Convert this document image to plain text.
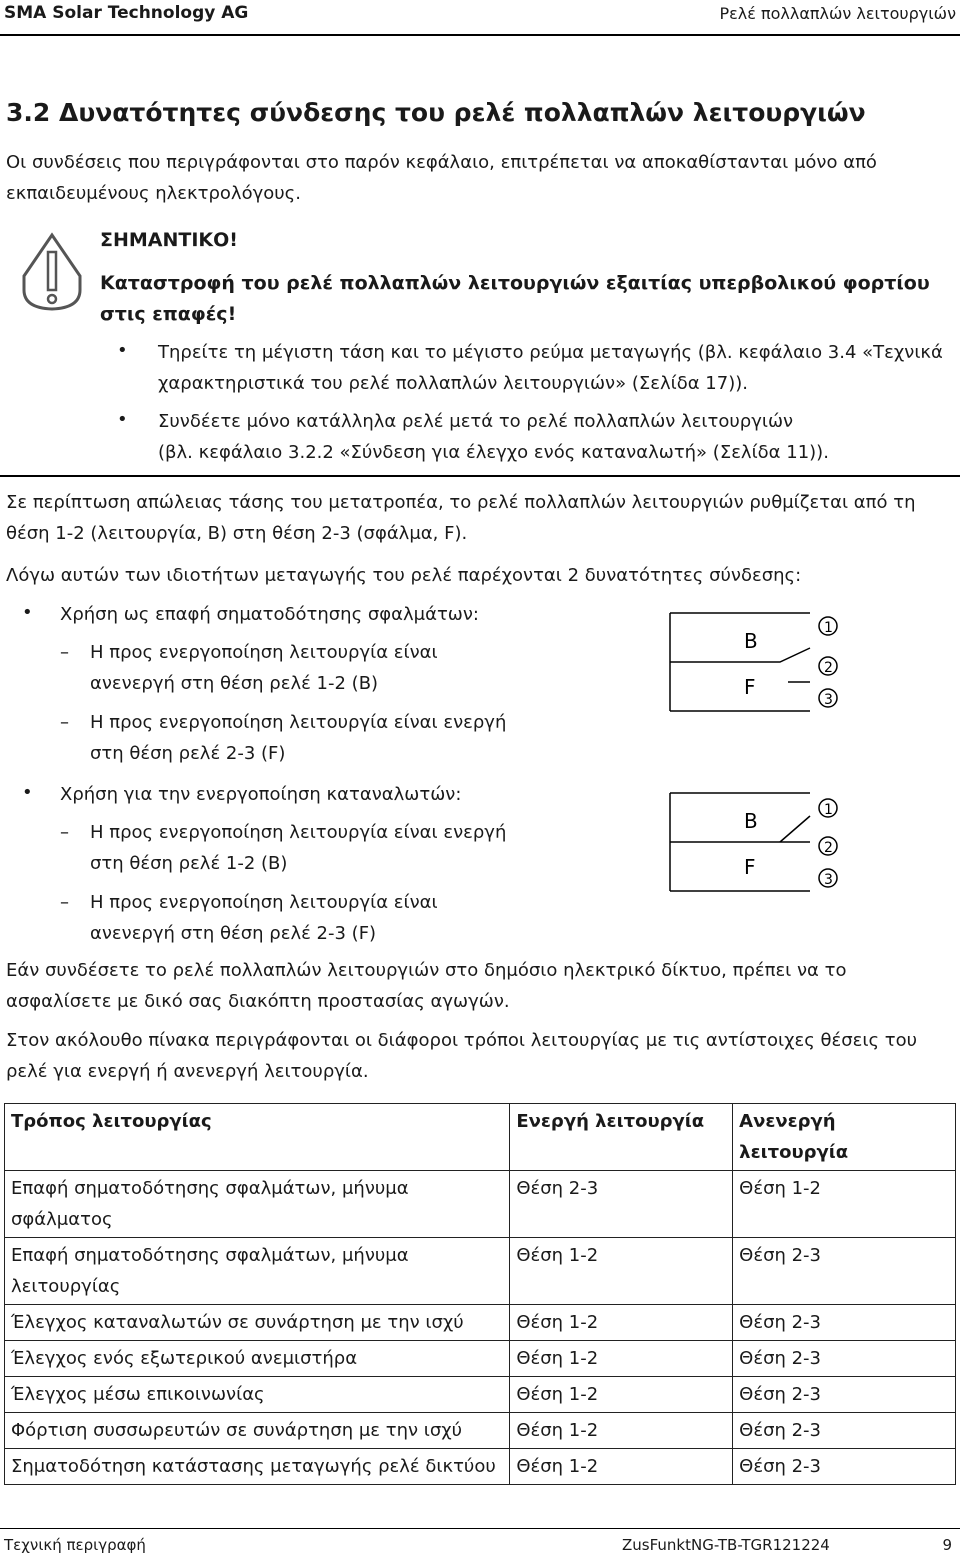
SMA Solar Technology AG	Ρελέ πολλαπλών λειτουργιών
3.2 Δυνατότητες σύνδεσης του ρελέ πολλαπλών λειτουργιών
Οι συνδέσεις που περιγράφονται στο παρόν κεφάλαιο, επιτρέπεται να αποκαθίστανται μόνο από
εκπαιδευμένους ηλεκτρολόγους.
ΣΗΜΑΝΤΙΚΟ!
Καταστροφή του ρελέ πολλαπλών λειτουργιών εξαιτίας υπερβολικού φορτίου
στις επαφές!
• Τηρείτε τη μέγιστη τάση και το μέγιστο ρεύμα μεταγωγής (βλ. κεφάλαιο 3.4 «Τεχνικά
χαρακτηριστικά του ρελέ πολλαπλών λειτουργιών» (Σελίδα 17)).
• Συνδέετε μόνο κατάλληλα ρελέ μετά το ρελέ πολλαπλών λειτουργιών
(βλ. κεφάλαιο 3.2.2 «Σύνδεση για έλεγχο ενός καταναλωτή» (Σελίδα 11)).
Σε περίπτωση απώλειας τάσης του μετατροπέα, το ρελέ πολλαπλών λειτουργιών ρυθμίζεται από τη
θέση 1-2 (λειτουργία, B) στη θέση 2-3 (σφάλμα, F).
Λόγω αυτών των ιδιοτήτων μεταγωγής του ρελέ παρέχονται 2 δυνατότητες σύνδεσης:
• Χρήση ως επαφή σηματοδότησης σφαλμάτων:
– Η προς ενεργοποίηση λειτουργία είναι
ανενεργή στη θέση ρελέ 1-2 (B)
– Η προς ενεργοποίηση λειτουργία είναι ενεργή
στη θέση ρελέ 2-3 (F)
B
F
1
2
3
• Χρήση για την ενεργοποίηση καταναλωτών:
– Η προς ενεργοποίηση λειτουργία είναι ενεργή
στη θέση ρελέ 1-2 (B)
– Η προς ενεργοποίηση λειτουργία είναι
ανενεργή στη θέση ρελέ 2-3 (F)
B
F
1
2
3
Εάν συνδέσετε το ρελέ πολλαπλών λειτουργιών στο δημόσιο ηλεκτρικό δίκτυο, πρέπει να το
ασφαλίσετε με δικό σας διακόπτη προστασίας αγωγών.
Στον ακόλουθο πίνακα περιγράφονται οι διάφοροι τρόποι λειτουργίας με τις αντίστοιχες θέσεις του
ρελέ για ενεργή ή ανενεργή λειτουργία.
Τρόπος λειτουργίας	Ενεργή λειτουργία	Ανενεργή
λειτουργία
Επαφή σηματοδότησης σφαλμάτων, μήνυμα
σφάλματος	Θέση 2-3	Θέση 1-2
Επαφή σηματοδότησης σφαλμάτων, μήνυμα
λειτουργίας	Θέση 1-2	Θέση 2-3
Έλεγχος καταναλωτών σε συνάρτηση με την ισχύ	Θέση 1-2	Θέση 2-3
Έλεγχος ενός εξωτερικού ανεμιστήρα	Θέση 1-2	Θέση 2-3
Έλεγχος μέσω επικοινωνίας	Θέση 1-2	Θέση 2-3
Φόρτιση συσσωρευτών σε συνάρτηση με την ισχύ	Θέση 1-2	Θέση 2-3
Σηματοδότηση κατάστασης μεταγωγής ρελέ δικτύου	Θέση 1-2	Θέση 2-3
Τεχνική περιγραφή	ZusFunktNG-TB-TGR121224	9
